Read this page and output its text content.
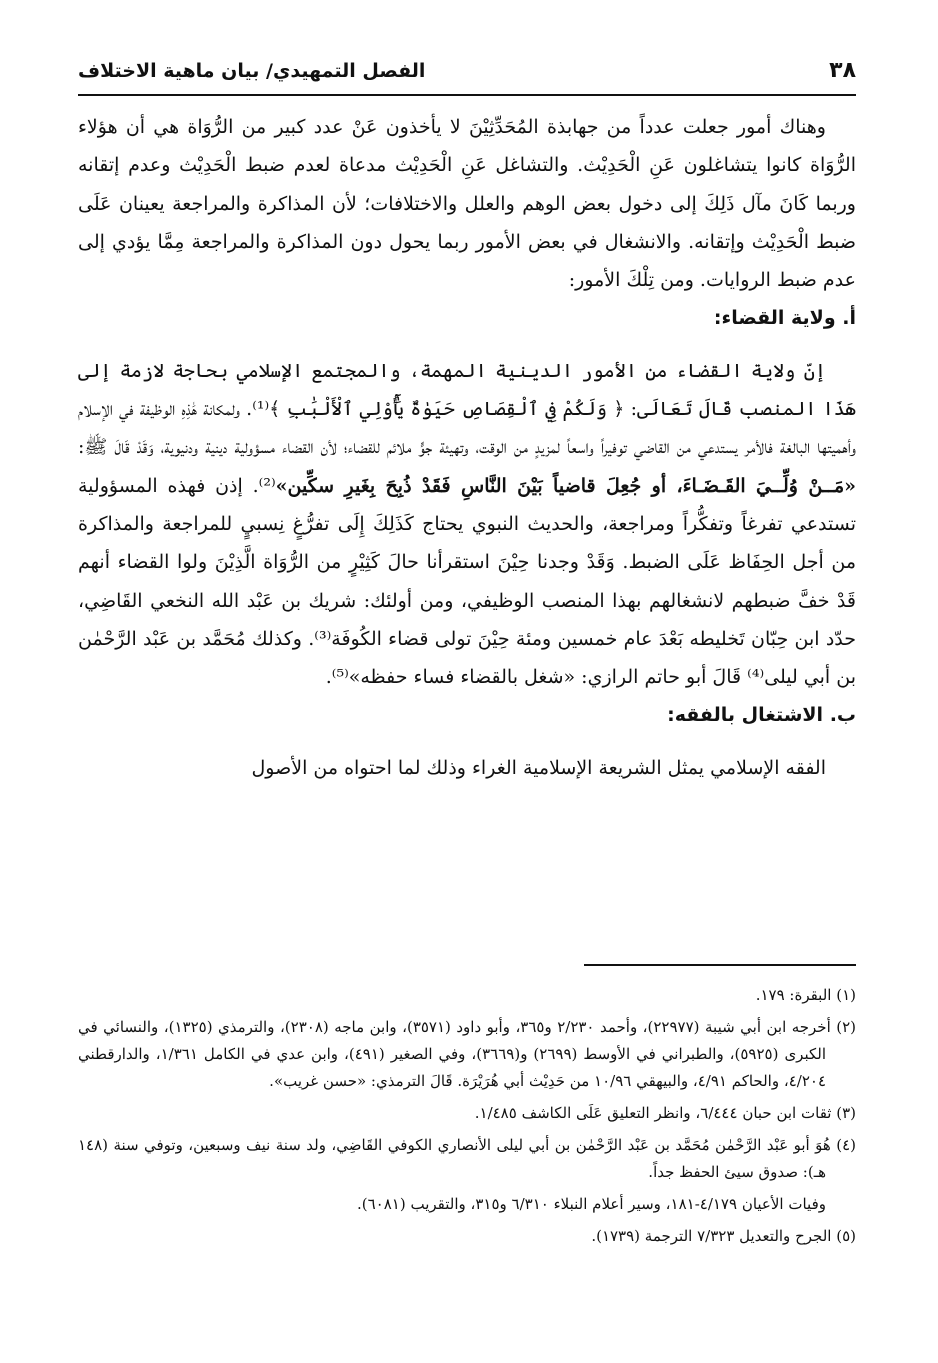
٣٨
الفصل التمهيدي/ بيان ماهية الاختلاف

وهناك أمور جعلت عدداً من جهابذة المُحَدِّثِيْنَ لا يأخذون عَنْ عدد كبير من الرُّوَاة هي أن هؤلاء الرُّوَاة كانوا يتشاغلون عَنِ الْحَدِيْث. والتشاغل عَنِ الْحَدِيْث مدعاة لعدم ضبط الْحَدِيْث وعدم إتقانه وربما كَانَ مآل ذَلِكَ إلى دخول بعض الوهم والعلل والاختلافات؛ لأن المذاكرة والمراجعة يعينان عَلَى ضبط الْحَدِيْث وإتقانه. والانشغال في بعض الأمور ربما يحول دون المذاكرة والمراجعة مِمَّا يؤدي إلى عدم ضبط الروايات. ومن تِلْكَ الأمور:

أ. ولاية القضاء:

إنّ ولاية القضاء من الأمور الدينية المهمة، والمجتمع الإسلامي بحاجة لازمة إلى هَذَا المنصب قَالَ تَعَالَى: ﴿ وَلَكُمْ فِي ٱلْقِصَاصِ حَيَوٰةٌ يَٰٓأُوْلِي ٱلْأَلْبَٰبِ ﴾⁽¹⁾. ولمكانة هَٰذِهِ الوظيفة في الإسلام وأهميتها البالغة فالأمر يستدعي من القاضي توفيراً واسعاً لمزيدٍ من الوقت، وتهيئة جوٍّ ملائم للقضاء؛ لأن القضاء مسؤولية دينية ودنيوية، وَقَدْ قَالَ ﷺ: «مَــنْ وُلِّــيَ القَـضَـاءَ، أو جُعِلَ قاضياً بَيْنَ النَّاسِ فَقَدْ ذُبِحَ بِغَيرِ سكِّين»⁽²⁾. إذن فهذه المسؤولية تستدعي تفرغاً وتفكُّراً ومراجعة، والحديث النبوي يحتاج كَذَلِكَ إِلَى تفرُّغٍ نِسبيٍ للمراجعة والمذاكرة من أجل الحِفَاظ عَلَى الضبط. وَقَدْ وجدنا حِيْنَ استقرأنا حالَ كَثِيْرٍ من الرُّوَاة الَّذِيْنَ ولوا القضاء أنهم قَدْ خفَّ ضبطهم لانشغالهم بهذا المنصب الوظيفي، ومن أولئك: شريك بن عَبْد الله النخعي القَاضِي، حدّد ابن حِبّان تَخليطه بَعْدَ عام خمسين ومئة حِيْنَ تولى قضاء الكُوفَة⁽³⁾. وكذلك مُحَمَّد بن عَبْد الرَّحْمٰن بن أبي ليلى⁽⁴⁾ قَالَ أبو حاتم الرازي: «شغل بالقضاء فساء حفظه»⁽⁵⁾.

ب. الاشتغال بالفقه:

الفقه الإسلامي يمثل الشريعة الإسلامية الغراء وذلك لما احتواه من الأصول

(١) البقرة: ١٧٩.

(٢) أخرجه ابن أبي شيبة (٢٢٩٧٧)، وأحمد ٢/٢٣٠ و٣٦٥، وأبو داود (٣٥٧١)، وابن ماجه (٢٣٠٨)، والترمذي (١٣٢٥)، والنسائي في الكبرى (٥٩٢٥)، والطبراني في الأوسط (٢٦٩٩) و(٣٦٦٩)، وفي الصغير (٤٩١)، وابن عدي في الكامل ١/٣٦١، والدارقطني ٤/٢٠٤، والحاكم ٤/٩١، والبيهقي ١٠/٩٦ من حَدِيْث أبي هُرَيْرَة. قَالَ الترمذي: «حسن غريب».

(٣) ثقات ابن حبان ٦/٤٤٤، وانظر التعليق عَلَى الكاشف ١/٤٨٥.

(٤) هُوَ أبو عَبْد الرَّحْمٰن مُحَمَّد بن عَبْد الرَّحْمٰن بن أبي ليلى الأنصاري الكوفي القَاضِي، ولد سنة نيف وسبعين، وتوفي سنة (١٤٨ هـ): صدوق سيئ الحفظ جداً.

وفيات الأعيان ٤/١٧٩-١٨١، وسير أعلام النبلاء ٦/٣١٠ و٣١٥، والتقريب (٦٠٨١).

(٥) الجرح والتعديل ٧/٣٢٣ الترجمة (١٧٣٩).
